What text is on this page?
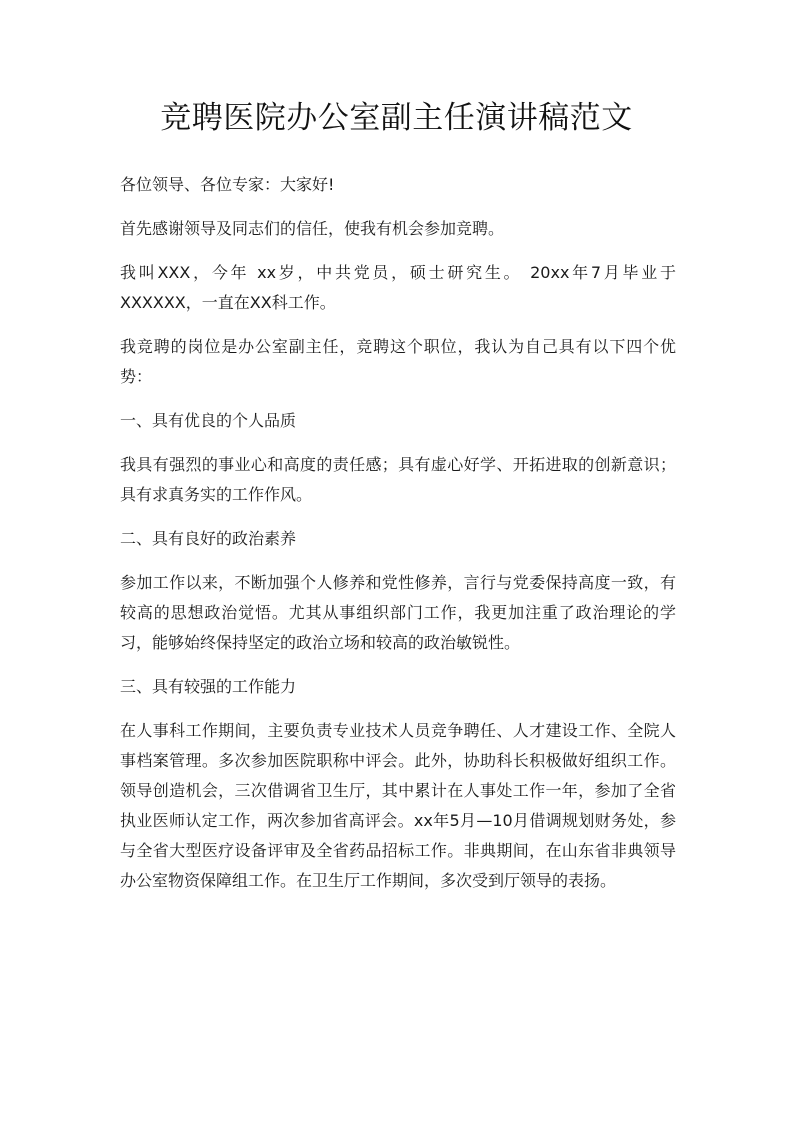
竞聘医院办公室副主任演讲稿范文

各位领导、各位专家：大家好!

首先感谢领导及同志们的信任，使我有机会参加竞聘。

我叫XXX，今年 xx岁，中共党员，硕士研究生。 20xx年7月毕业于XXXXXX，一直在XX科工作。

我竞聘的岗位是办公室副主任，竞聘这个职位，我认为自己具有以下四个优势：

一、具有优良的个人品质

我具有强烈的事业心和高度的责任感；具有虚心好学、开拓进取的创新意识；具有求真务实的工作作风。

二、具有良好的政治素养

参加工作以来，不断加强个人修养和党性修养，言行与党委保持高度一致，有较高的思想政治觉悟。尤其从事组织部门工作，我更加注重了政治理论的学习，能够始终保持坚定的政治立场和较高的政治敏锐性。

三、具有较强的工作能力

在人事科工作期间，主要负责专业技术人员竞争聘任、人才建设工作、全院人事档案管理。多次参加医院职称中评会。此外，协助科长积极做好组织工作。领导创造机会，三次借调省卫生厅，其中累计在人事处工作一年，参加了全省执业医师认定工作，两次参加省高评会。xx年5月—10月借调规划财务处，参与全省大型医疗设备评审及全省药品招标工作。非典期间，在山东省非典领导办公室物资保障组工作。在卫生厅工作期间，多次受到厅领导的表扬。
